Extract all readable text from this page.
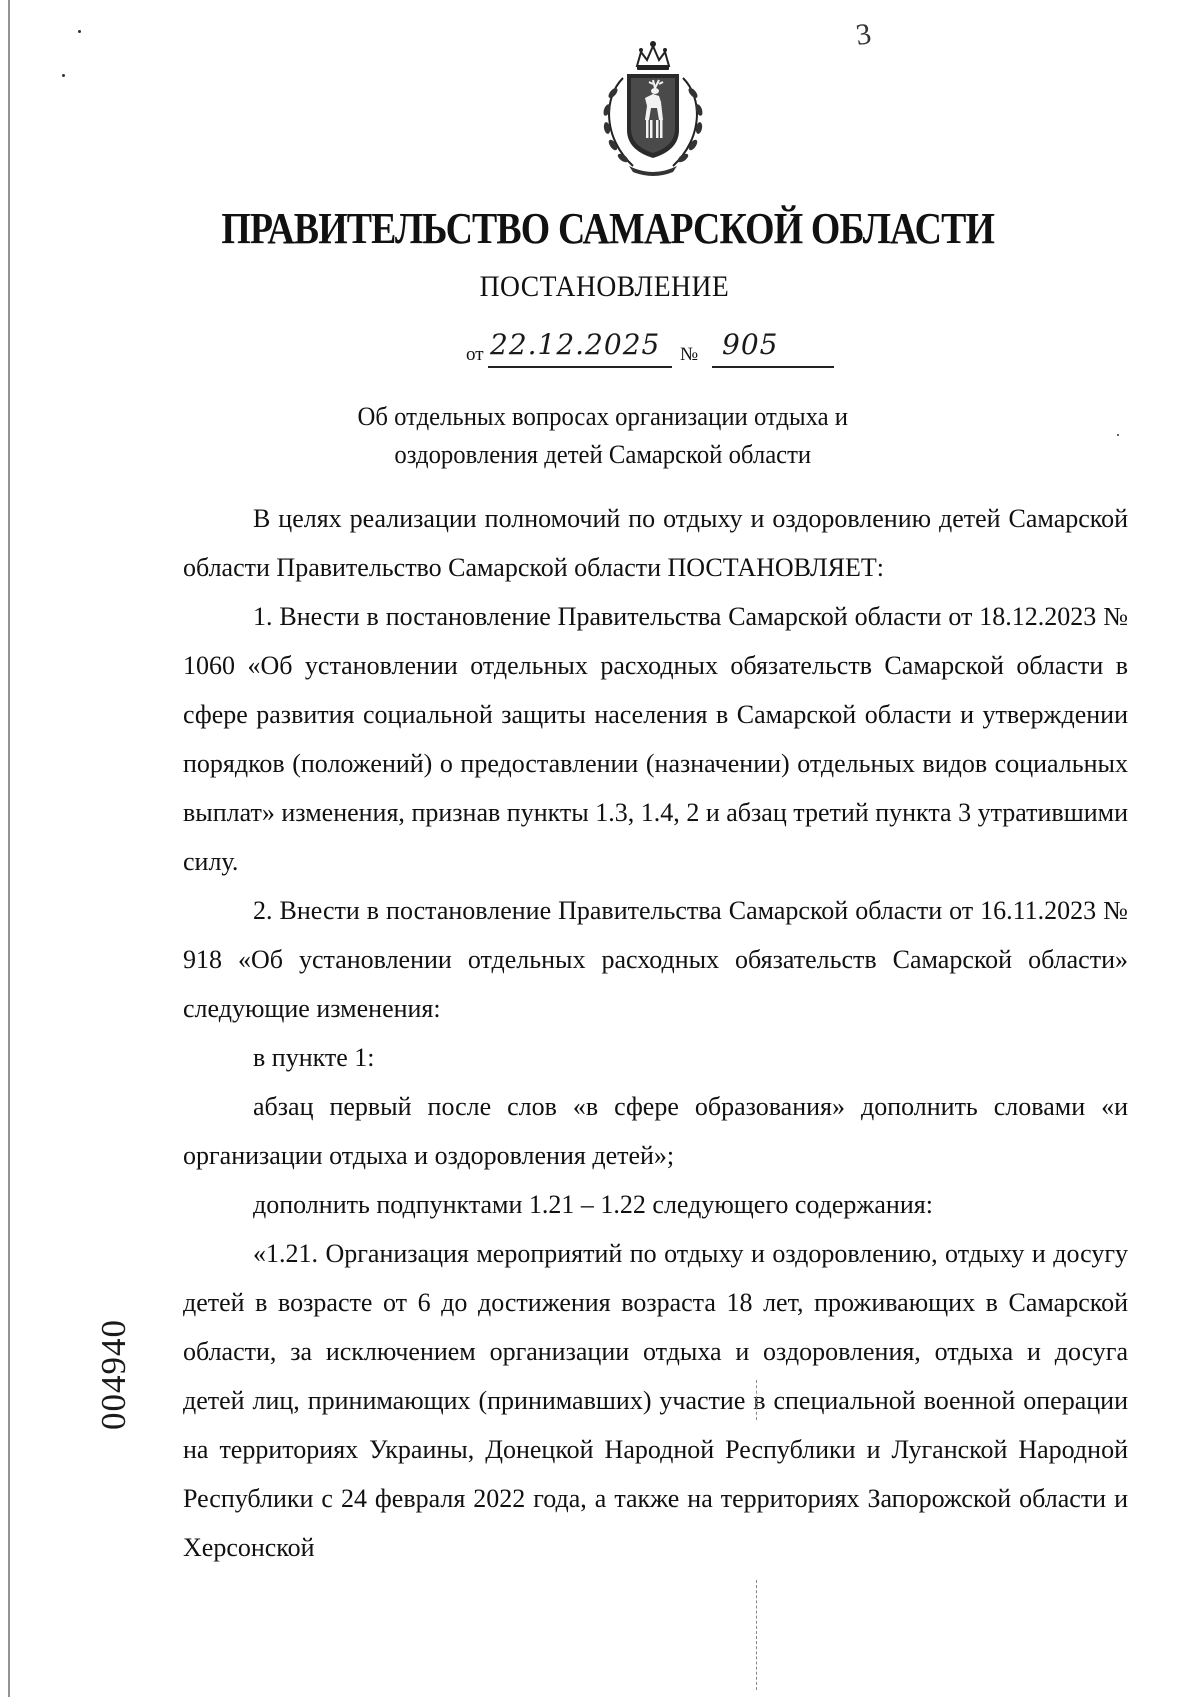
3
ПРАВИТЕЛЬСТВО САМАРСКОЙ ОБЛАСТИ
ПОСТАНОВЛЕНИЕ
от 22.12.2025 № 905
Об отдельных вопросах организации отдыха и
оздоровления детей Самарской области

В целях реализации полномочий по отдыху и оздоровлению детей Самарской области Правительство Самарской области ПОСТАНОВЛЯЕТ:

1. Внести в постановление Правительства Самарской области от 18.12.2023 № 1060 «Об установлении отдельных расходных обязательств Самарской области в сфере развития социальной защиты населения в Самарской области и утверждении порядков (положений) о предоставлении (назначении) отдельных видов социальных выплат» изменения, признав пункты 1.3, 1.4, 2 и абзац третий пункта 3 утратившими силу.

2. Внести в постановление Правительства Самарской области от 16.11.2023 № 918 «Об установлении отдельных расходных обязательств Самарской области» следующие изменения:

в пункте 1:

абзац первый после слов «в сфере образования» дополнить словами «и организации отдыха и оздоровления детей»;

дополнить подпунктами 1.21 – 1.22 следующего содержания:

«1.21. Организация мероприятий по отдыху и оздоровлению, отдыху и досугу детей в возрасте от 6 до достижения возраста 18 лет, проживающих в Самарской области, за исключением организации отдыха и оздоровления, отдыха и досуга детей лиц, принимающих (принимавших) участие в специальной военной операции на территориях Украины, Донецкой Народной Республики и Луганской Народной Республики с 24 февраля 2022 года, а также на территориях Запорожской области и Херсонской

004940
